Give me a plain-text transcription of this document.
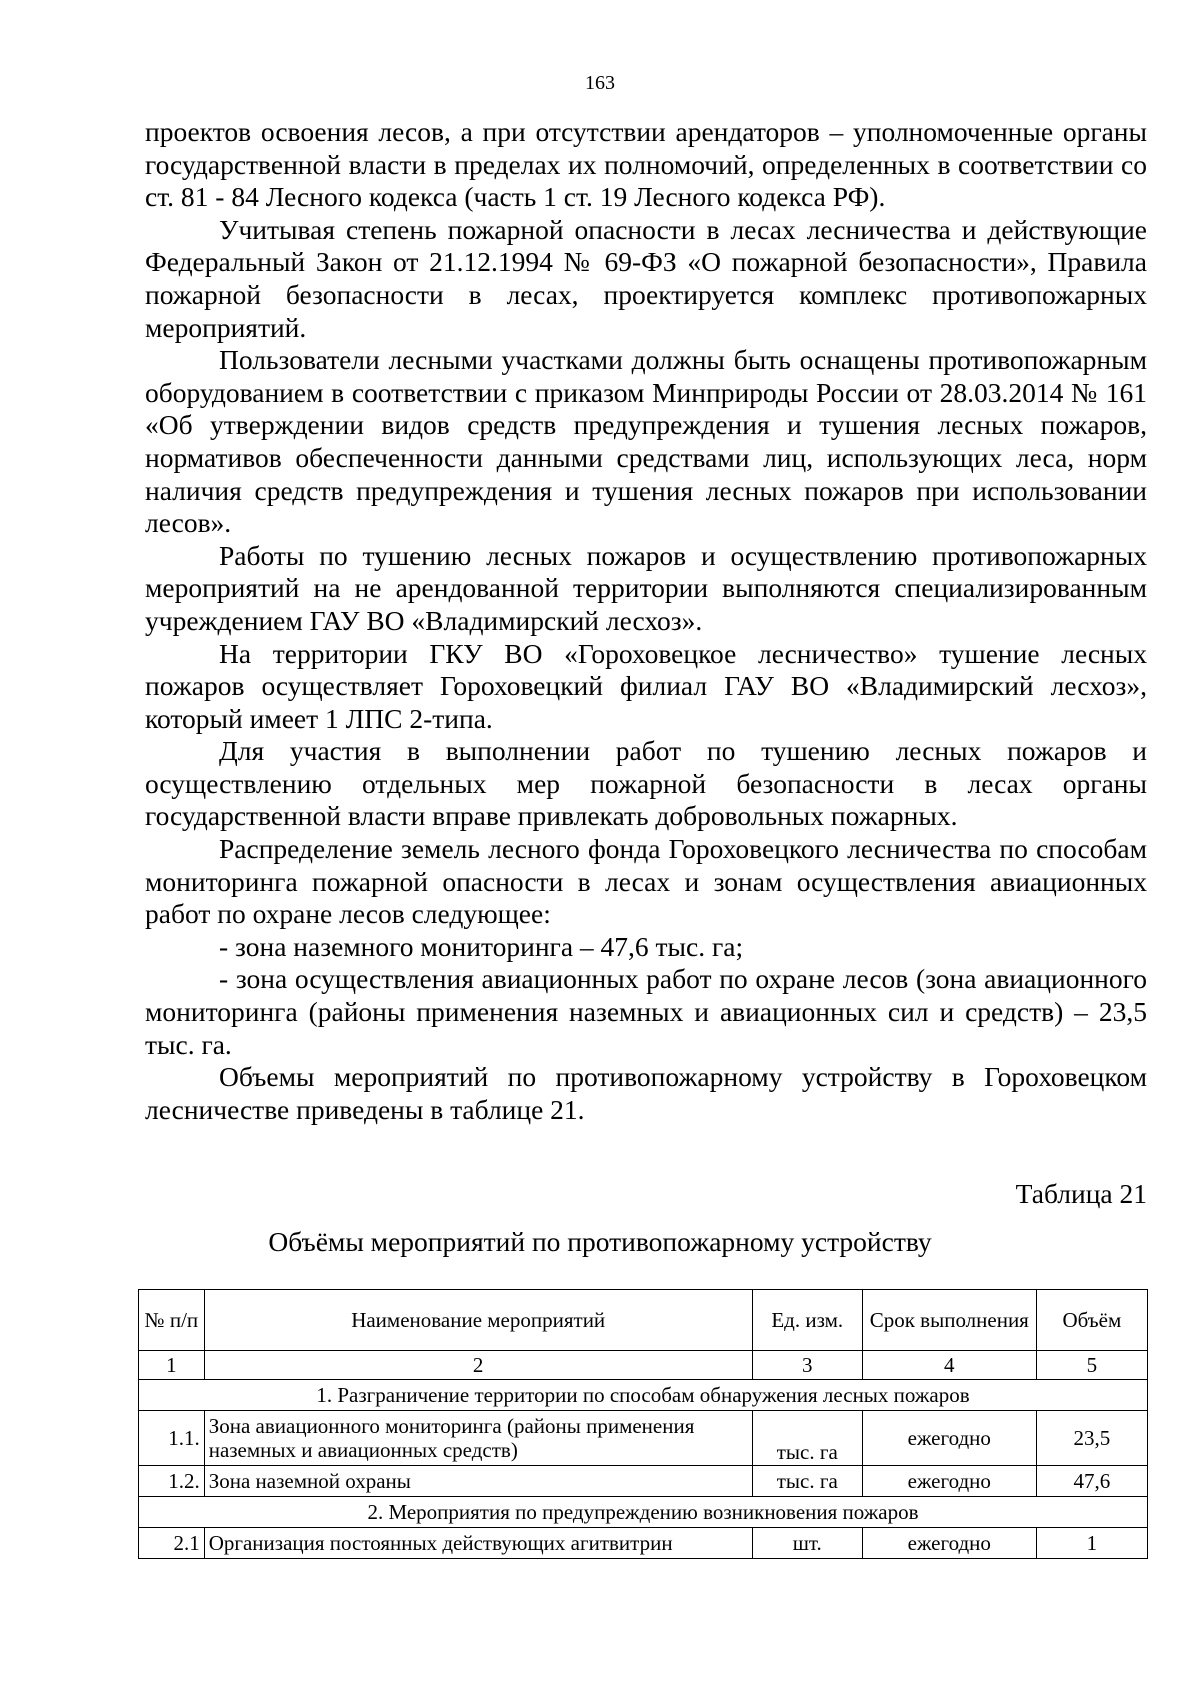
163

проектов освоения лесов, а при отсутствии арендаторов – уполномоченные органы государственной власти в пределах их полномочий, определенных в соответствии со ст. 81 - 84 Лесного кодекса (часть 1 ст. 19 Лесного кодекса РФ).

Учитывая степень пожарной опасности в лесах лесничества и действующие Федеральный Закон от 21.12.1994 № 69-ФЗ «О пожарной безопасности», Правила пожарной безопасности в лесах, проектируется комплекс противопожарных мероприятий.

Пользователи лесными участками должны быть оснащены противопожарным оборудованием в соответствии с приказом Минприроды России от 28.03.2014 № 161 «Об утверждении видов средств предупреждения и тушения лесных пожаров, нормативов обеспеченности данными средствами лиц, использующих леса, норм наличия средств предупреждения и тушения лесных пожаров при использовании лесов».

Работы по тушению лесных пожаров и осуществлению противопожарных мероприятий на не арендованной территории выполняются специализированным учреждением ГАУ ВО «Владимирский лесхоз».

На территории ГКУ ВО «Гороховецкое лесничество» тушение лесных пожаров осуществляет Гороховецкий филиал ГАУ ВО «Владимирский лесхоз», который имеет 1 ЛПС 2-типа.

Для участия в выполнении работ по тушению лесных пожаров и осуществлению отдельных мер пожарной безопасности в лесах органы государственной власти вправе привлекать добровольных пожарных.

Распределение земель лесного фонда Гороховецкого лесничества по способам мониторинга пожарной опасности в лесах и зонам осуществления авиационных работ по охране лесов следующее:

- зона наземного мониторинга – 47,6 тыс. га;

- зона осуществления авиационных работ по охране лесов (зона авиационного мониторинга (районы применения наземных и авиационных сил и средств) – 23,5 тыс. га.

Объемы мероприятий по противопожарному устройству в Гороховецком лесничестве приведены в таблице 21.

Таблица 21
Объёмы мероприятий по противопожарному устройству
№ п/п	Наименование мероприятий	Ед. изм.	Срок выполнения	Объём
1	2	3	4	5
1. Разграничение территории по способам обнаружения лесных пожаров				
1.1.	Зона авиационного мониторинга (районы применения наземных и авиационных средств)	тыс. га	ежегодно	23,5
1.2.	Зона наземной охраны	тыс. га	ежегодно	47,6
2. Мероприятия по предупреждению возникновения пожаров				
2.1	Организация постоянных действующих агитвитрин	шт.	ежегодно	1
